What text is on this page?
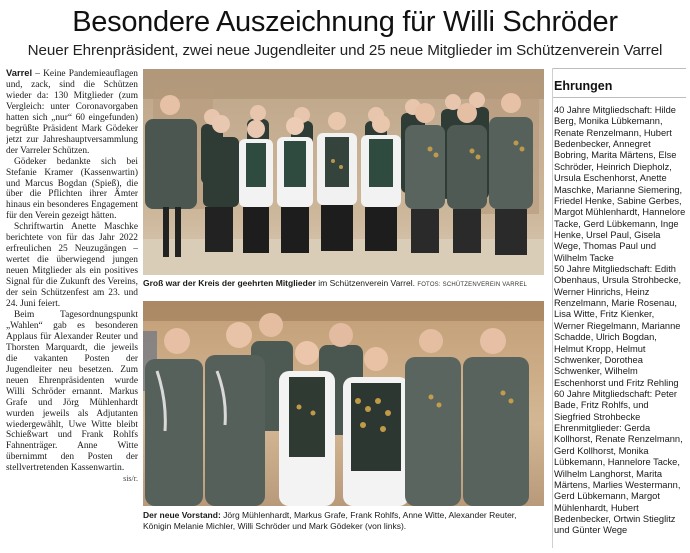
Besondere Auszeichnung für Willi Schröder
Neuer Ehrenpräsident, zwei neue Jugendleiter und 25 neue Mitglieder im Schützenverein Varrel

Varrel – Keine Pandemieauflagen und, zack, sind die Schützen wieder da: 130 Mitglieder (zum Vergleich: unter Coronavorgaben hatten sich „nur“ 60 eingefunden) begrüßte Präsident Mark Gödeker jetzt zur Jahreshauptversammlung der Varreler Schützen.

Gödeker bedankte sich bei Stefanie Kramer (Kassenwartin) und Marcus Bogdan (Spieß), die über die Pflichten ihrer Ämter hinaus ein besonderes Engagement für den Verein gezeigt hätten.

Schriftwartin Anette Maschke berichtete von für das Jahr 2022 erfreulichen 25 Neuzugängen – wertet die überwiegend jungen neuen Mitglieder als ein positives Signal für die Zukunft des Vereins, der sein Schützenfest am 23. und 24. Juni feiert.

Beim Tagesordnungspunkt „Wahlen“ gab es besonderen Applaus für Alexander Reuter und Thorsten Marquardt, die jeweils die vakanten Posten der Jugendleiter neu besetzen. Zum neuen Ehrenpräsidenten wurde Willi Schröder ernannt. Markus Grafe und Jörg Mühlenhardt wurden jeweils als Adjutanten wiedergewählt, Uwe Witte bleibt Schießwart und Frank Rohlfs Fahnenträger. Anne Witte übernimmt den Posten der stellvertretenden Kassenwartin.

sis/r.

Groß war der Kreis der geehrten Mitglieder im Schützenverein Varrel. FOTOS: SCHÜTZENVEREIN VARREL
Der neue Vorstand: Jörg Mühlenhardt, Markus Grafe, Frank Rohlfs, Anne Witte, Alexander Reuter, Königin Melanie Michler, Willi Schröder und Mark Gödeker (von links).
Ehrungen

40 Jahre Mitgliedschaft: Hilde Berg, Monika Lübkemann, Renate Renzelmann, Hubert Bedenbecker, Annegret Bobring, Marita Märtens, Else Schröder, Heinrich Diepholz, Ursula Eschenhorst, Anette Maschke, Marianne Siemering, Friedel Henke, Sabine Gerbes, Margot Mühlenhardt, Hannelore Tacke, Gerd Lübkemann, Inge Henke, Ursel Paul, Gisela Wege, Thomas Paul und Wilhelm Tacke

50 Jahre Mitgliedschaft: Edith Obenhaus, Ursula Strohbecke, Werner Hinrichs, Heinz Renzelmann, Marie Rosenau, Lisa Witte, Fritz Kienker, Werner Riegelmann, Marianne Schadde, Ulrich Bogdan, Helmut Kropp, Helmut Schwenker, Dorothea Schwenker, Wilhelm Eschenhorst und Fritz Rehling

60 Jahre Mitgliedschaft: Peter Bade, Fritz Rohlfs, und Siegfried Strohbecke

Ehrenmitglieder: Gerda Kollhorst, Renate Renzelmann, Gerd Kollhorst, Monika Lübkemann, Hannelore Tacke, Wilhelm Langhorst, Marita Märtens, Marlies Westermann, Gerd Lübkemann, Margot Mühlenhardt, Hubert Bedenbecker, Ortwin Stieglitz und Günter Wege
